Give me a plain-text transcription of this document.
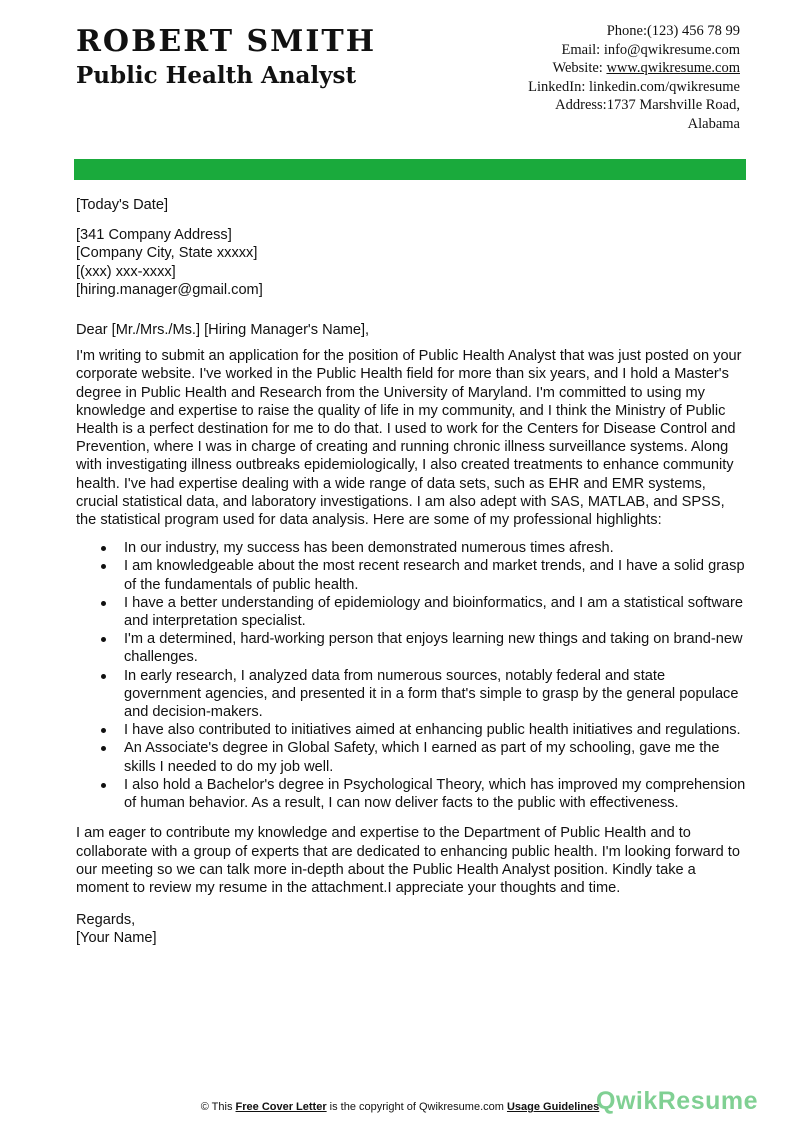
ROBERT SMITH
Public Health Analyst
Phone:(123) 456 78 99
Email: info@qwikresume.com
Website: www.qwikresume.com
LinkedIn: linkedin.com/qwikresume
Address:1737 Marshville Road,
Alabama

[Today's Date]

[341 Company Address]

[Company City, State xxxxx]

[(xxx) xxx-xxxx]

[hiring.manager@gmail.com]

Dear [Mr./Mrs./Ms.] [Hiring Manager's Name],

I'm writing to submit an application for the position of Public Health Analyst that was just posted on your corporate website. I've worked in the Public Health field for more than six years, and I hold a Master's degree in Public Health and Research from the University of Maryland. I'm committed to using my knowledge and expertise to raise the quality of life in my community, and I think the Ministry of Public Health is a perfect destination for me to do that. I used to work for the Centers for Disease Control and Prevention, where I was in charge of creating and running chronic illness surveillance systems. Along with investigating illness outbreaks epidemiologically, I also created treatments to enhance community health. I've had expertise dealing with a wide range of data sets, such as EHR and EMR systems, crucial statistical data, and laboratory investigations. I am also adept with SAS, MATLAB, and SPSS, the statistical program used for data analysis. Here are some of my professional highlights:

In our industry, my success has been demonstrated numerous times afresh.
I am knowledgeable about the most recent research and market trends, and I have a solid grasp of the fundamentals of public health.
I have a better understanding of epidemiology and bioinformatics, and I am a statistical software and interpretation specialist.
I'm a determined, hard-working person that enjoys learning new things and taking on brand-new challenges.
In early research, I analyzed data from numerous sources, notably federal and state government agencies, and presented it in a form that's simple to grasp by the general populace and decision-makers.
I have also contributed to initiatives aimed at enhancing public health initiatives and regulations.
An Associate's degree in Global Safety, which I earned as part of my schooling, gave me the skills I needed to do my job well.
I also hold a Bachelor's degree in Psychological Theory, which has improved my comprehension of human behavior. As a result, I can now deliver facts to the public with effectiveness.

I am eager to contribute my knowledge and expertise to the Department of Public Health and to collaborate with a group of experts that are dedicated to enhancing public health. I'm looking forward to our meeting so we can talk more in-depth about the Public Health Analyst position. Kindly take a moment to review my resume in the attachment.I appreciate your thoughts and time.

Regards,

[Your Name]

QwikResume
© This Free Cover Letter is the copyright of Qwikresume.com Usage Guidelines
